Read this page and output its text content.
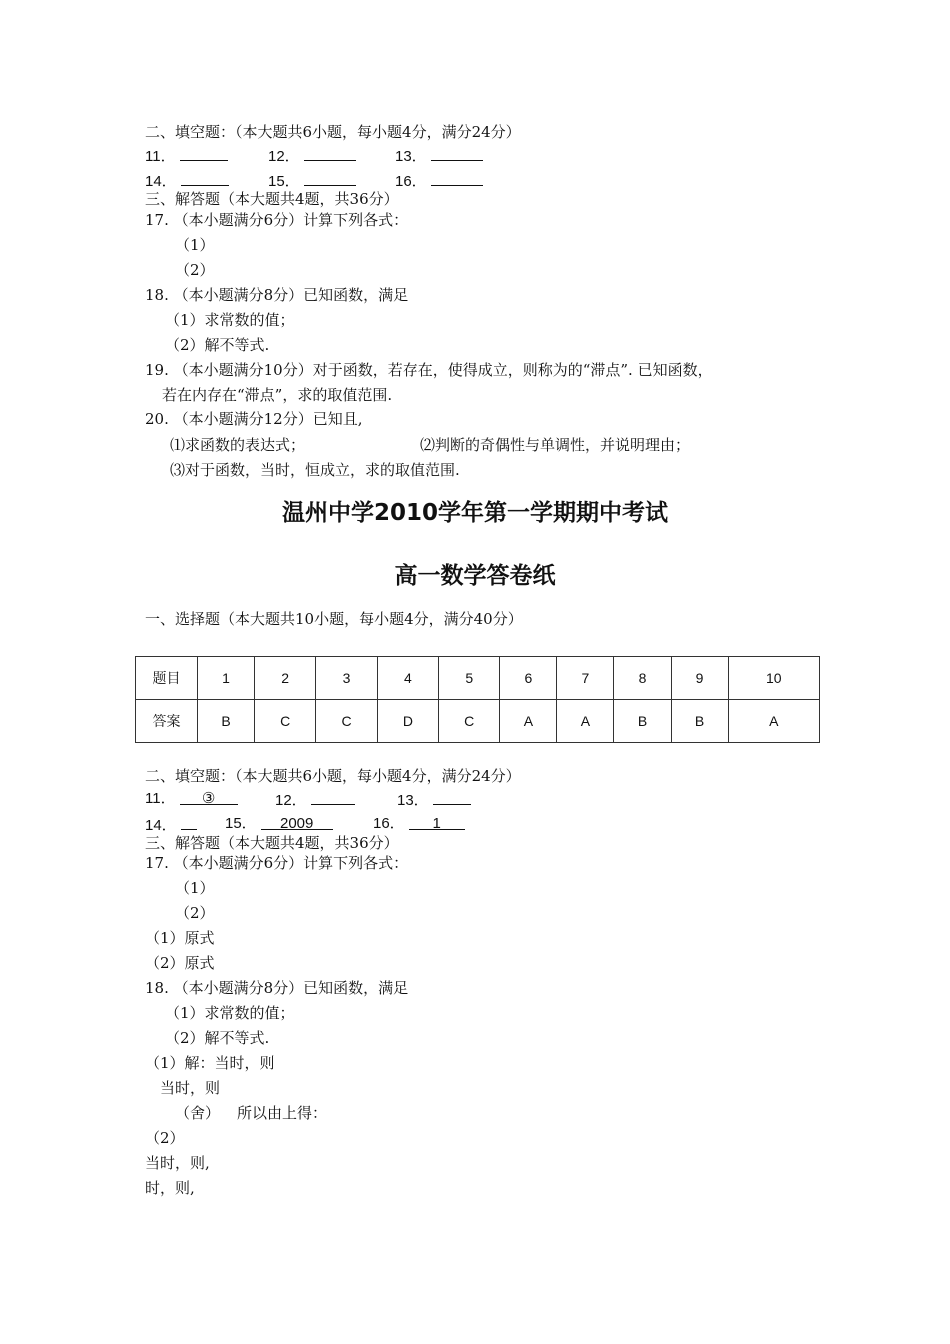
二、填空题：（本大题共6小题，每小题4分，满分24分）
11．	12．	13．
14．	15．	16．
三、解答题（本大题共4题，共36分）
17. （本小题满分6分）计算下列各式：
（1）
（2）
18. （本小题满分8分）已知函数，满足
（1）求常数的值；
（2）解不等式.
19. （本小题满分10分）对于函数，若存在，使得成立，则称为的“滞点”. 已知函数，
若在内存在“滞点”，求的取值范围.
20. （本小题满分12分）已知且,
⑴求函数的表达式；	⑵判断的奇偶性与单调性，并说明理由；
⑶对于函数，当时，恒成立，求的取值范围.
温州中学2010学年第一学期期中考试
高一数学答卷纸
一、选择题（本大题共10小题，每小题4分，满分40分）
题目	1	2	3	4	5	6	7	8	9	10
答案	B	C	C	D	C	A	A	B	B	A
二、填空题：（本大题共6小题，每小题4分，满分24分）
11． ③	12．	13．
14．	15． 2009	16． 1
三、解答题（本大题共4题，共36分）
17. （本小题满分6分）计算下列各式：
（1）
（2）
（1）原式
（2）原式
18. （本小题满分8分）已知函数，满足
（1）求常数的值；
（2）解不等式.
（1）解：当时，则
当时，则
（舍） 所以由上得：
（2）
当时，则,
时，则,
